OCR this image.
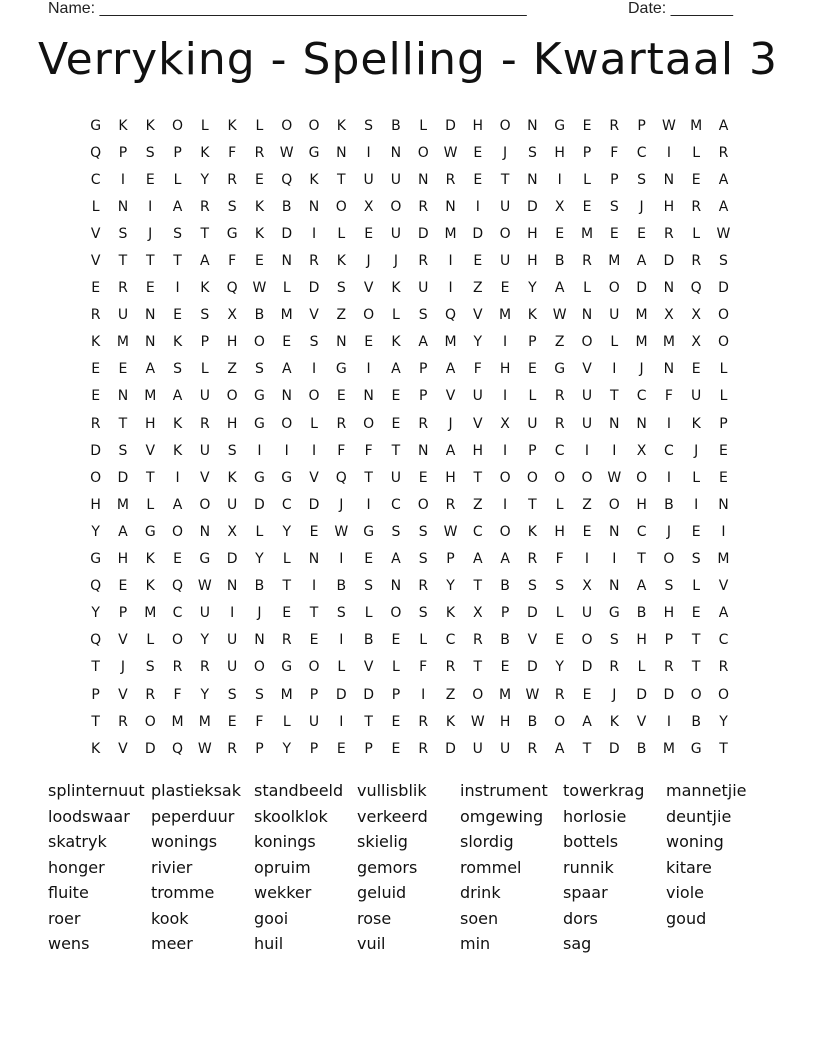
Name: ________________________________________________	Date: _______
Verryking - Spelling - Kwartaal 3
G	K	K	O	L	K	L	O	O	K	S	B	L	D	H	O	N	G	E	R	P	W	M	A
Q	P	S	P	K	F	R	W	G	N	I	N	O	W	E	J	S	H	P	F	C	I	L	R
C	I	E	L	Y	R	E	Q	K	T	U	U	N	R	E	T	N	I	L	P	S	N	E	A
L	N	I	A	R	S	K	B	N	O	X	O	R	N	I	U	D	X	E	S	J	H	R	A
V	S	J	S	T	G	K	D	I	L	E	U	D	M	D	O	H	E	M	E	E	R	L	W
V	T	T	T	A	F	E	N	R	K	J	J	R	I	E	U	H	B	R	M	A	D	R	S
E	R	E	I	K	Q	W	L	D	S	V	K	U	I	Z	E	Y	A	L	O	D	N	Q	D
R	U	N	E	S	X	B	M	V	Z	O	L	S	Q	V	M	K	W	N	U	M	X	X	O
K	M	N	K	P	H	O	E	S	N	E	K	A	M	Y	I	P	Z	O	L	M	M	X	O
E	E	A	S	L	Z	S	A	I	G	I	A	P	A	F	H	E	G	V	I	J	N	E	L
E	N	M	A	U	O	G	N	O	E	N	E	P	V	U	I	L	R	U	T	C	F	U	L
R	T	H	K	R	H	G	O	L	R	O	E	R	J	V	X	U	R	U	N	N	I	K	P
D	S	V	K	U	S	I	I	I	F	F	T	N	A	H	I	P	C	I	I	X	C	J	E
O	D	T	I	V	K	G	G	V	Q	T	U	E	H	T	O	O	O	O	W	O	I	L	E
H	M	L	A	O	U	D	C	D	J	I	C	O	R	Z	I	T	L	Z	O	H	B	I	N
Y	A	G	O	N	X	L	Y	E	W	G	S	S	W	C	O	K	H	E	N	C	J	E	I
G	H	K	E	G	D	Y	L	N	I	E	A	S	P	A	A	R	F	I	I	T	O	S	M
Q	E	K	Q	W	N	B	T	I	B	S	N	R	Y	T	B	S	S	X	N	A	S	L	V
Y	P	M	C	U	I	J	E	T	S	L	O	S	K	X	P	D	L	U	G	B	H	E	A
Q	V	L	O	Y	U	N	R	E	I	B	E	L	C	R	B	V	E	O	S	H	P	T	C
T	J	S	R	R	U	O	G	O	L	V	L	F	R	T	E	D	Y	D	R	L	R	T	R
P	V	R	F	Y	S	S	M	P	D	D	P	I	Z	O	M	W	R	E	J	D	D	O	O
T	R	O	M	M	E	F	L	U	I	T	E	R	K	W	H	B	O	A	K	V	I	B	Y
K	V	D	Q	W	R	P	Y	P	E	P	E	R	D	U	U	R	A	T	D	B	M	G	T
splinternuut plastieksak standbeeld vullisblik	instrument towerkrag	mannetjie
loodswaar	peperduur	skoolklok	verkeerd	omgewing	horlosie	deuntjie
skatryk	wonings	konings	skielig	slordig	bottels	woning
honger	rivier	opruim	gemors	rommel	runnik	kitare
fluite	tromme	wekker	geluid	drink	spaar	viole
roer	kook	gooi	rose	soen	dors	goud
wens	meer	huil	vuil	min	sag
